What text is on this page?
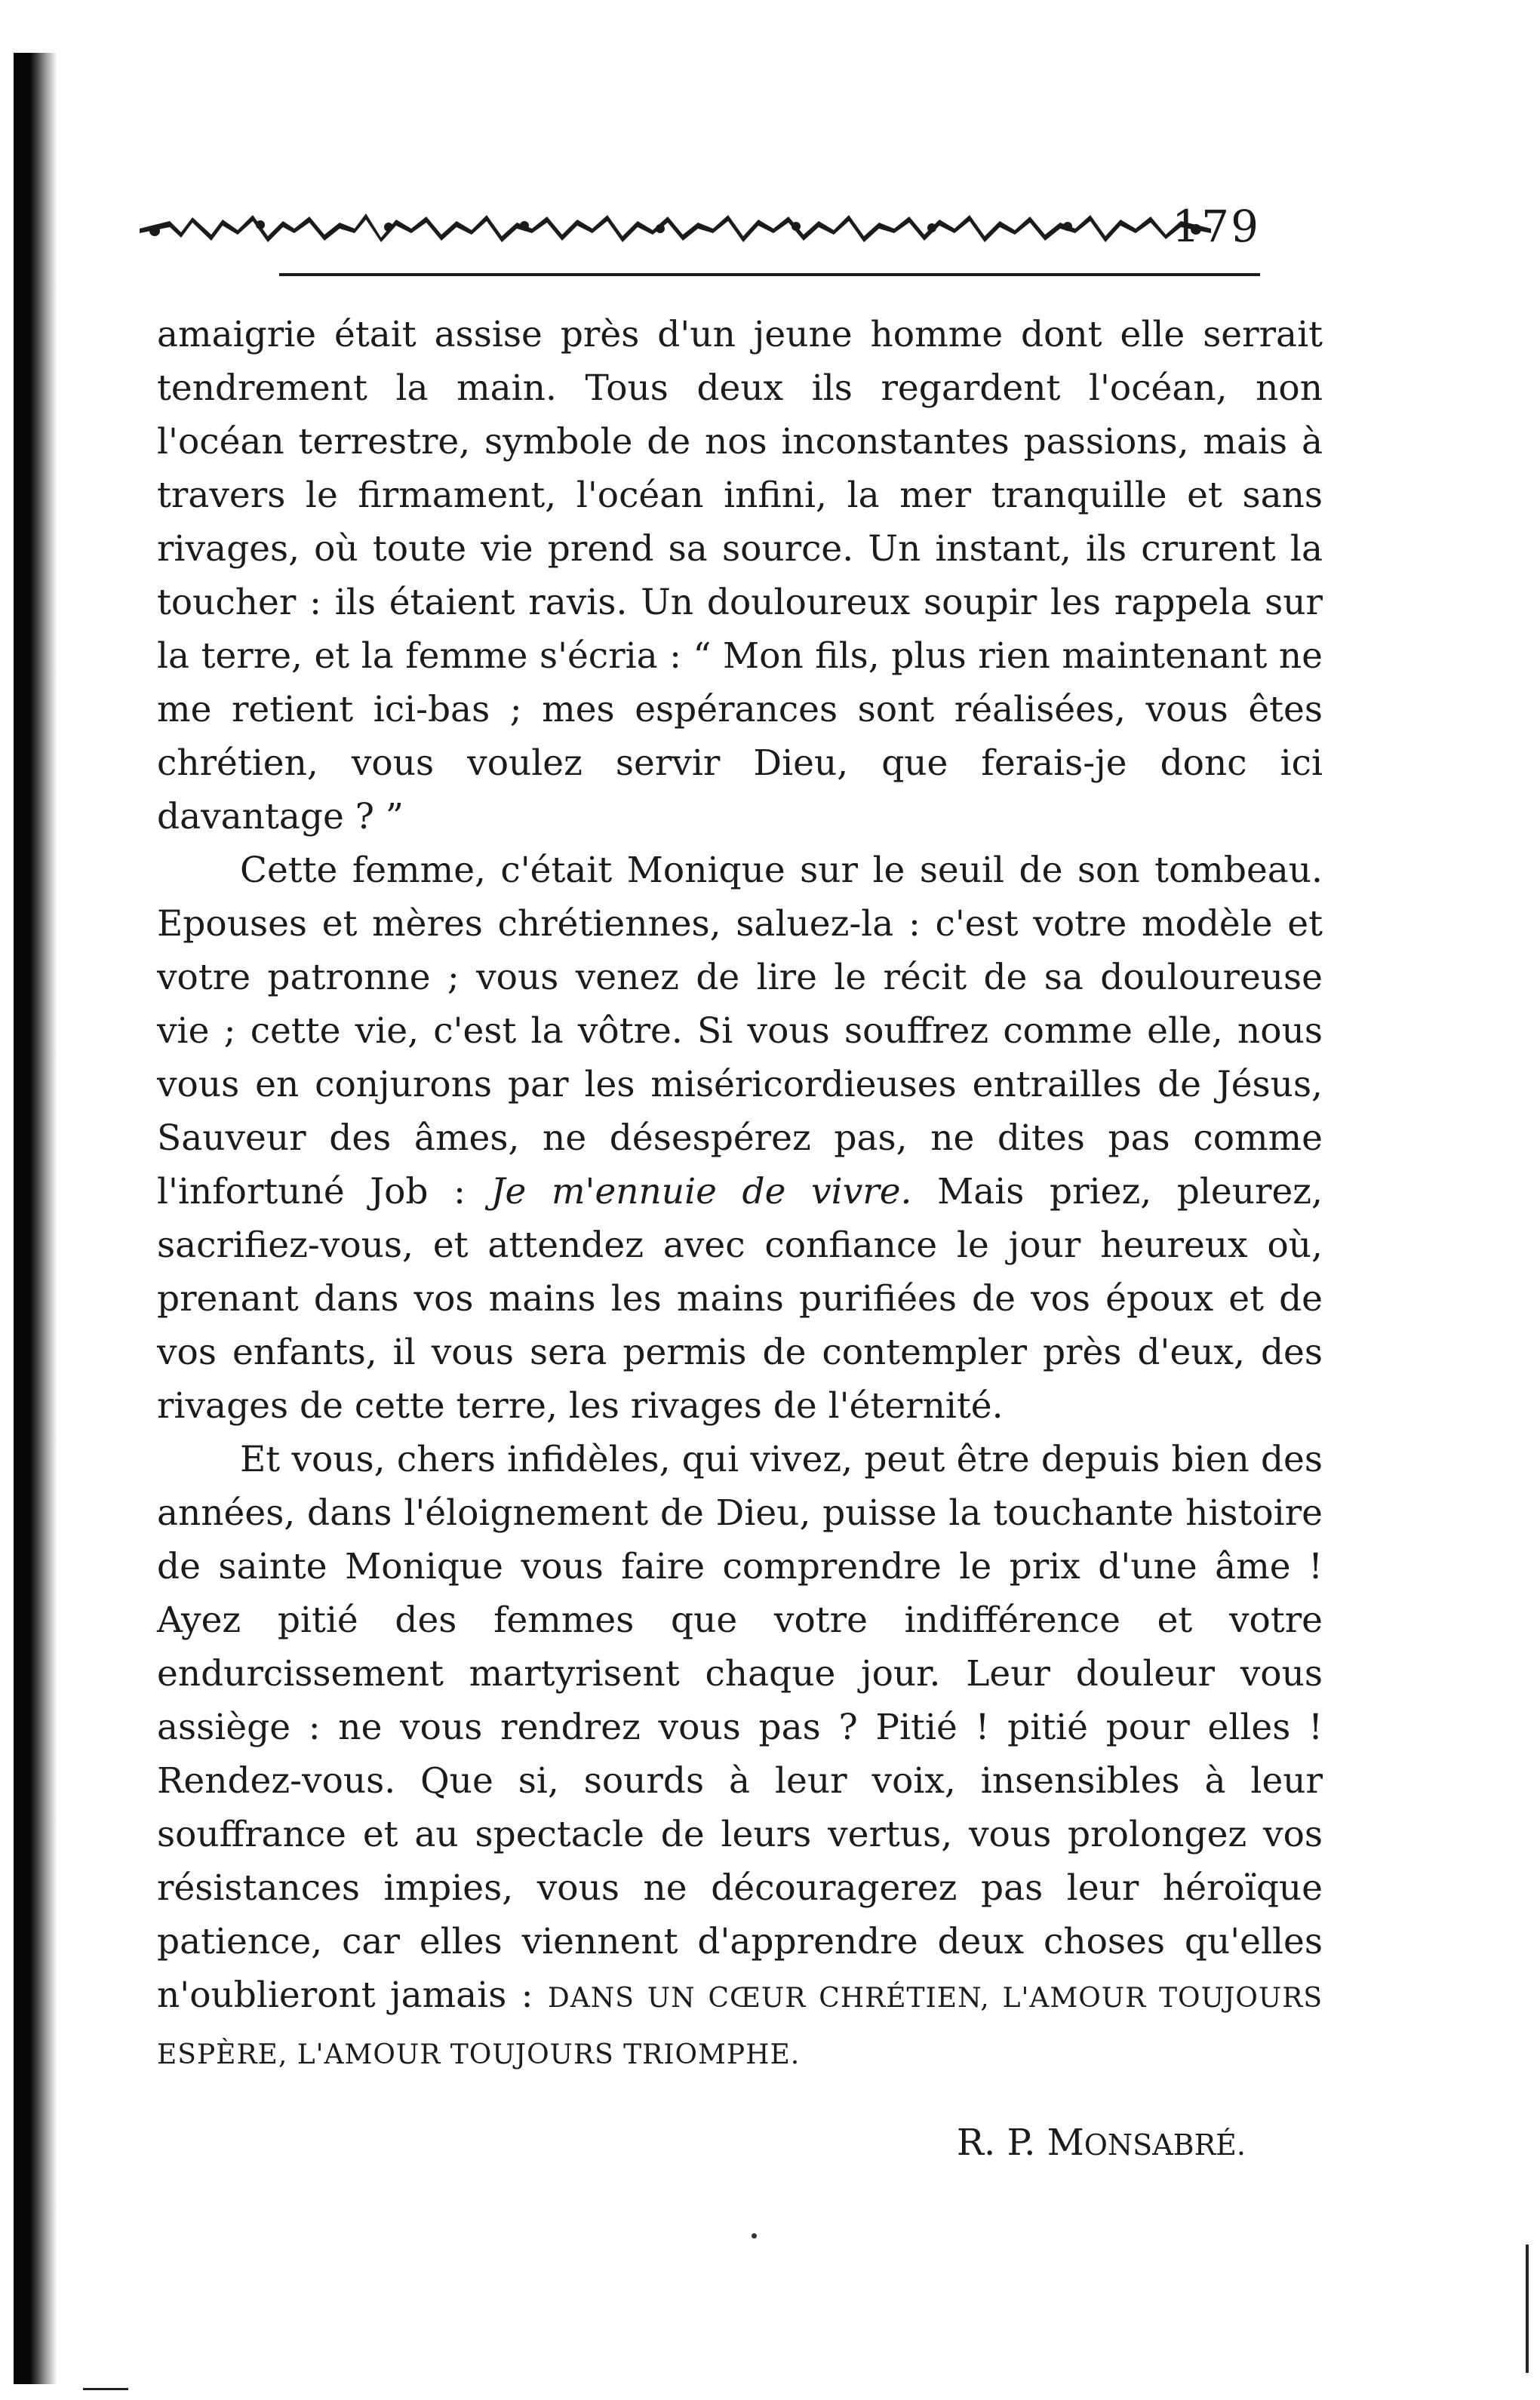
179

amaigrie était assise près d'un jeune homme dont elle serrait tendrement la main. Tous deux ils regardent l'océan, non l'océan terrestre, symbole de nos inconstantes passions, mais à travers le firmament, l'océan infini, la mer tranquille et sans rivages, où toute vie prend sa source. Un instant, ils crurent la toucher : ils étaient ravis. Un douloureux soupir les rappela sur la terre, et la femme s'écria : “ Mon fils, plus rien maintenant ne me retient ici-bas ; mes espérances sont réalisées, vous êtes chrétien, vous voulez servir Dieu, que ferais-je donc ici davantage ? ”

Cette femme, c'était Monique sur le seuil de son tombeau. Epouses et mères chrétiennes, saluez-la : c'est votre modèle et votre patronne ; vous venez de lire le récit de sa douloureuse vie ; cette vie, c'est la vôtre. Si vous souffrez comme elle, nous vous en conjurons par les miséricordieuses entrailles de Jésus, Sauveur des âmes, ne désespérez pas, ne dites pas comme l'infortuné Job : Je m'ennuie de vivre. Mais priez, pleurez, sacrifiez-vous, et attendez avec confiance le jour heureux où, prenant dans vos mains les mains purifiées de vos époux et de vos enfants, il vous sera permis de contempler près d'eux, des rivages de cette terre, les rivages de l'éternité.

Et vous, chers infidèles, qui vivez, peut être depuis bien des années, dans l'éloignement de Dieu, puisse la touchante histoire de sainte Monique vous faire comprendre le prix d'une âme ! Ayez pitié des femmes que votre indifférence et votre endurcissement martyrisent chaque jour. Leur douleur vous assiège : ne vous rendrez vous pas ? Pitié ! pitié pour elles ! Rendez-vous. Que si, sourds à leur voix, insensibles à leur souffrance et au spectacle de leurs vertus, vous prolongez vos résistances impies, vous ne découragerez pas leur héroïque patience, car elles viennent d'apprendre deux choses qu'elles n'oublieront jamais : DANS UN CŒUR CHRÉTIEN, L'AMOUR TOUJOURS ESPÈRE, L'AMOUR TOUJOURS TRIOMPHE.

R. P. MONSABRÉ.
